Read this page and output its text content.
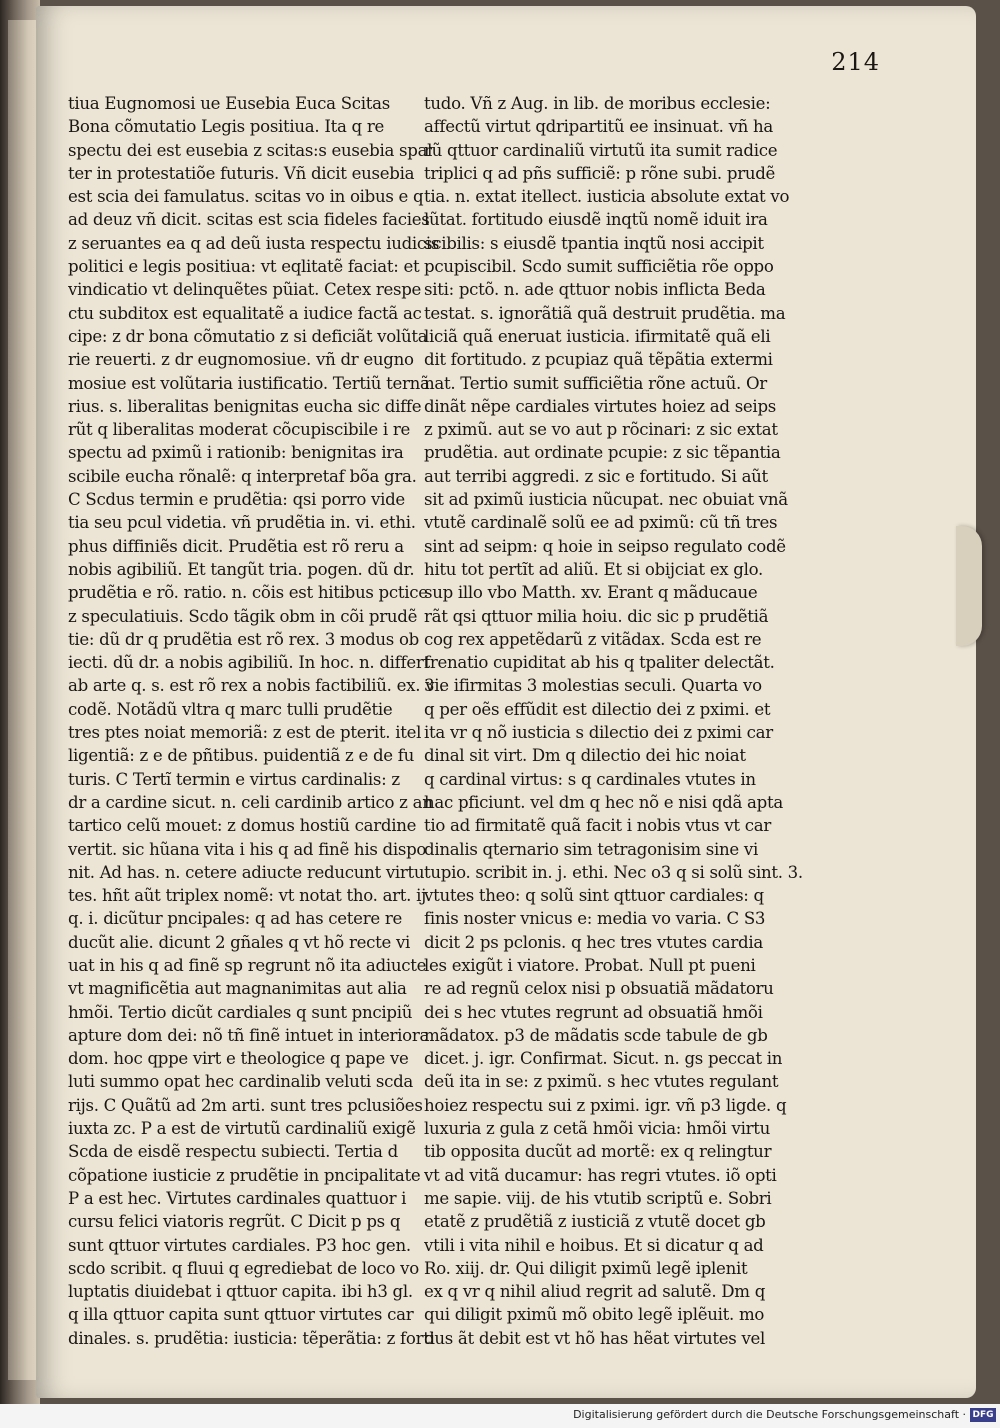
214
tiua Eugnomosi ue Eusebia Euca Scitas
Bona cõmutatio Legis positiua. Ita q re
spectu dei est eusebia z scitas:s eusebia spal
ter in protestatiõe futuris. Vñ dicit eusebia
est scia dei famulatus. scitas vo in oibus e q
ad deuz vñ dicit. scitas est scia fideles facies
z seruantes ea q ad deũ iusta respectu iudicis
politici e legis positiua: vt eqlitatẽ faciat: et
vindicatio vt delinquẽtes pũiat. Cetex respe
ctu subditox est equalitatẽ a iudice factã ac
cipe: z dr bona cõmutatio z si deficiãt volũta
rie reuerti. z dr eugnomosiue. vñ dr eugno
mosiue est volũtaria iustificatio. Tertiũ ternã
rius. s. liberalitas benignitas eucha sic diffe
rũt q liberalitas moderat cõcupiscibile i re
spectu ad pximũ i rationib: benignitas ira
scibile eucha rõnalẽ: q interpretaf bõa gra.
C Scdus termin e prudẽtia: qsi porro vide
tia seu pcul videtia. vñ prudẽtia in. vi. ethi.
phus diffiniẽs dicit. Prudẽtia est rõ reru a
nobis agibiliũ. Et tangũt tria. pogen. dũ dr.
prudẽtia e rõ. ratio. n. cõis est hitibus pctice
z speculatiuis. Scdo tãgik obm in cõi prudẽ
tie: dũ dr q prudẽtia est rõ rex. 3 modus ob
iecti. dũ dr. a nobis agibiliũ. In hoc. n. differt
ab arte q. s. est rõ rex a nobis factibiliũ. ex. vi.
codẽ. Notãdũ vltra q marc tulli prudẽtie
tres ptes noiat memoriã: z est de pterit. itel
ligentiã: z e de pñtibus. puidentiã z e de fu
turis. C Tertĩ termin e virtus cardinalis: z
dr a cardine sicut. n. celi cardinib artico z an
tartico celũ mouet: z domus hostiũ cardine
vertit. sic hũana vita i his q ad finẽ his dispo
nit. Ad has. n. cetere adiucte reducunt virtu
tes. hñt aũt triplex nomẽ: vt notat tho. art. ij.
q. i. dicũtur pncipales: q ad has cetere re
ducũt alie. dicunt 2 gñales q vt hõ recte vi
uat in his q ad finẽ sp regrunt nõ ita adiucte
vt magnificẽtia aut magnanimitas aut alia
hmõi. Tertio dicũt cardiales q sunt pncipiũ
apture dom dei: nõ tñ finẽ intuet in interiora
dom. hoc qppe virt e theologice q pape ve
luti summo opat hec cardinalib veluti scda
rijs. C Quãtũ ad 2m arti. sunt tres pclusiões
iuxta zc. P a est de virtutũ cardinaliũ exigẽ
Scda de eisdẽ respectu subiecti. Tertia d
cõpatione iusticie z prudẽtie in pncipalitate
P a est hec. Virtutes cardinales quattuor i
cursu felici viatoris regrũt. C Dicit p ps q
sunt qttuor virtutes cardiales. P3 hoc gen.
scdo scribit. q fluui q egrediebat de loco vo
luptatis diuidebat i qttuor capita. ibi h3 gl.
q illa qttuor capita sunt qttuor virtutes car
dinales. s. prudẽtia: iusticia: tẽperãtia: z forti
tudo. Vñ z Aug. in lib. de moribus ecclesie:
affectũ virtut qdripartitũ ee insinuat. vñ ha
rũ qttuor cardinaliũ virtutũ ita sumit radice
triplici q ad pñs sufficiẽ: p rõne subi. prudẽ
tia. n. extat itellect. iusticia absolute extat vo
lũtat. fortitudo eiusdẽ inqtũ nomẽ iduit ira
scibilis: s eiusdẽ tpantia inqtũ nosi accipit
pcupiscibil. Scdo sumit sufficiẽtia rõe oppo
siti: pctõ. n. ade qttuor nobis inflicta Beda
testat. s. ignorãtiã quã destruit prudẽtia. ma
liciã quã eneruat iusticia. ifirmitatẽ quã eli
dit fortitudo. z pcupiaz quã tẽpãtia extermi
nat. Tertio sumit sufficiẽtia rõne actuũ. Or
dinãt nẽpe cardiales virtutes hoiez ad seips
z pximũ. aut se vo aut p rõcinari: z sic extat
prudẽtia. aut ordinate pcupie: z sic tẽpantia
aut terribi aggredi. z sic e fortitudo. Si aũt
sit ad pximũ iusticia nũcupat. nec obuiat vnã
vtutẽ cardinalẽ solũ ee ad pximũ: cũ tñ tres
sint ad seipm: q hoie in seipso regulato codẽ
hitu tot pertĩt ad aliũ. Et si obijciat ex glo.
sup illo vbo Matth. xv. Erant q mãducaue
rãt qsi qttuor milia hoiu. dic sic p prudẽtiã
cog rex appetẽdarũ z vitãdax. Scda est re
frenatio cupiditat ab his q tpaliter delectãt.
3 e ifirmitas 3 molestias seculi. Quarta vo
q per oẽs effũdit est dilectio dei z pximi. et
ita vr q nõ iusticia s dilectio dei z pximi car
dinal sit virt. Dm q dilectio dei hic noiat
q cardinal virtus: s q cardinales vtutes in
hac pficiunt. vel dm q hec nõ e nisi qdã apta
tio ad firmitatẽ quã facit i nobis vtus vt car
dinalis qternario sim tetragonisim sine vi
tupio. scribit in. j. ethi. Nec o3 q si solũ sint. 3.
vtutes theo: q solũ sint qttuor cardiales: q
finis noster vnicus e: media vo varia. C S3
dicit 2 ps pclonis. q hec tres vtutes cardia
les exigũt i viatore. Probat. Null pt pueni
re ad regnũ celox nisi p obsuatiã mãdatoru
dei s hec vtutes regrunt ad obsuatiã hmõi
mãdatox. p3 de mãdatis scde tabule de gb
dicet. j. igr. Confirmat. Sicut. n. gs peccat in
deũ ita in se: z pximũ. s hec vtutes regulant
hoiez respectu sui z pximi. igr. vñ p3 ligde. q
luxuria z gula z cetã hmõi vicia: hmõi virtu
tib opposita ducũt ad mortẽ: ex q relingtur
vt ad vitã ducamur: has regri vtutes. iõ opti
me sapie. viij. de his vtutib scriptũ e. Sobri
etatẽ z prudẽtiã z iusticiã z vtutẽ docet gb
vtili i vita nihil e hoibus. Et si dicatur q ad
Ro. xiij. dr. Qui diligit pximũ legẽ iplenit
ex q vr q nihil aliud regrit ad salutẽ. Dm q
qui diligit pximũ mõ obito legẽ iplẽuit. mo
dus ãt debit est vt hõ has hẽat virtutes vel
Digitalisierung gefördert durch die Deutsche Forschungsgemeinschaft · DFG
